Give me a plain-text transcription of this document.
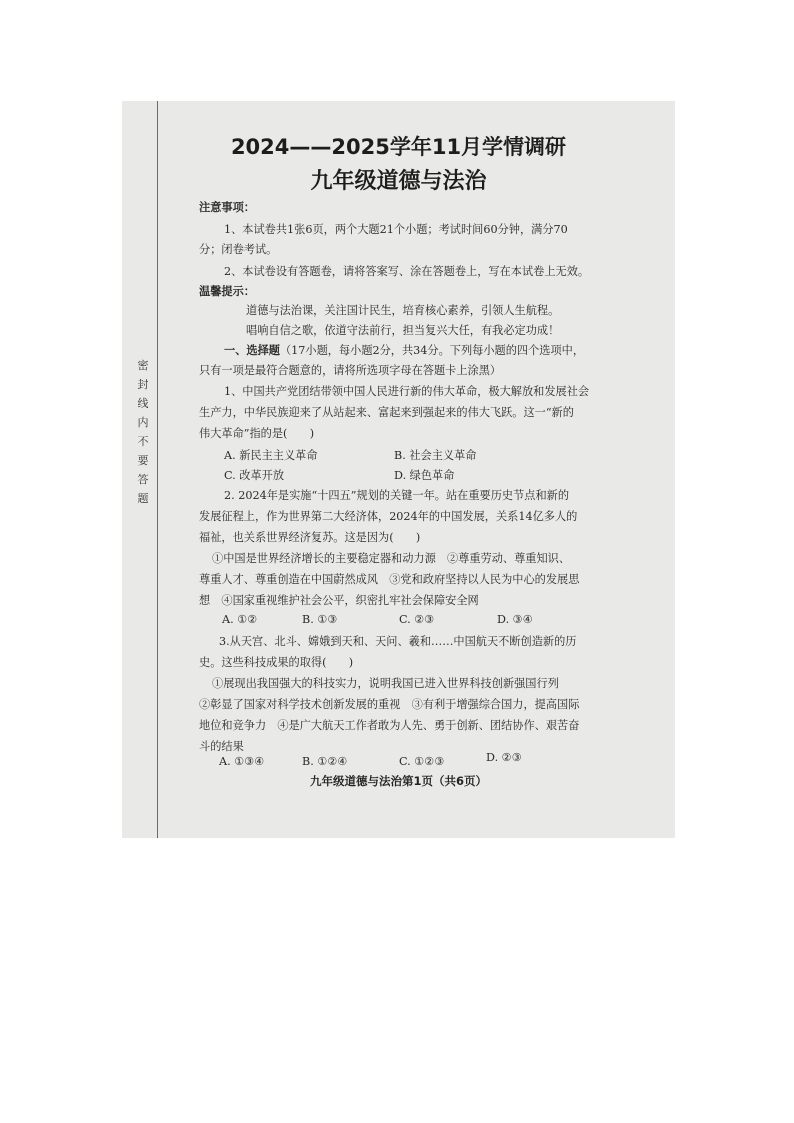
密封线内不要答题
2024——2025学年11月学情调研
九年级道德与法治
注意事项：
1、本试卷共1张6页，两个大题21个小题；考试时间60分钟，满分70
分；闭卷考试。
2、本试卷设有答题卷，请将答案写、涂在答题卷上，写在本试卷上无效。
温馨提示：
道德与法治课，关注国计民生，培育核心素养，引领人生航程。
唱响自信之歌，依道守法前行，担当复兴大任，有我必定功成！
一、选择题（17小题，每小题2分，共34分。下列每小题的四个选项中，
只有一项是最符合题意的，请将所选项字母在答题卡上涂黑）
1、中国共产党团结带领中国人民进行新的伟大革命，极大解放和发展社会
生产力，中华民族迎来了从站起来、富起来到强起来的伟大飞跃。这一“新的
伟大革命”指的是(　　)
A. 新民主主义革命	B. 社会主义革命
C. 改革开放	D. 绿色革命
2. 2024年是实施“十四五”规划的关键一年。站在重要历史节点和新的
发展征程上，作为世界第二大经济体，2024年的中国发展，关系14亿多人的
福祉，也关系世界经济复苏。这是因为(　　)
①中国是世界经济增长的主要稳定器和动力源　②尊重劳动、尊重知识、
尊重人才、尊重创造在中国蔚然成风　③党和政府坚持以人民为中心的发展思
想　④国家重视维护社会公平，织密扎牢社会保障安全网
A. ①②	B. ①③	C. ②③	D. ③④
3.从天宫、北斗、嫦娥到天和、天问、羲和……中国航天不断创造新的历
史。这些科技成果的取得(　　)
①展现出我国强大的科技实力，说明我国已进入世界科技创新强国行列
②彰显了国家对科学技术创新发展的重视　③有利于增强综合国力，提高国际
地位和竞争力　④是广大航天工作者敢为人先、勇于创新、团结协作、艰苦奋
斗的结果
A. ①③④	B. ①②④	C. ①②③	D. ②③
九年级道德与法治第1页（共6页）
